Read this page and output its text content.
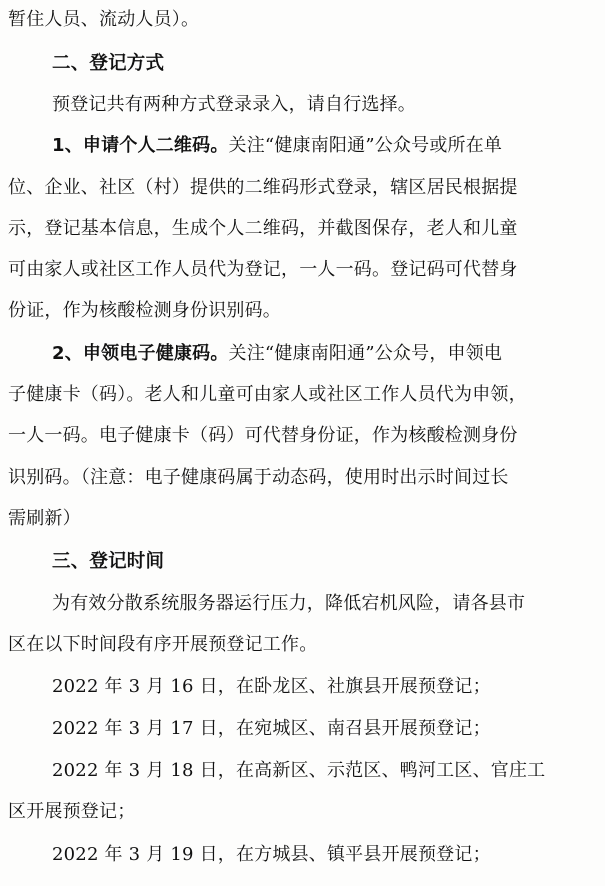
暂住人员、流动人员）。
二、登记方式
预登记共有两种方式登录录入，请自行选择。
1、申请个人二维码。关注“健康南阳通”公众号或所在单
位、企业、社区（村）提供的二维码形式登录，辖区居民根据提
示，登记基本信息，生成个人二维码，并截图保存，老人和儿童
可由家人或社区工作人员代为登记，一人一码。登记码可代替身
份证，作为核酸检测身份识别码。
2、申领电子健康码。关注“健康南阳通”公众号，申领电
子健康卡（码）。老人和儿童可由家人或社区工作人员代为申领，
一人一码。电子健康卡（码）可代替身份证，作为核酸检测身份
识别码。（注意：电子健康码属于动态码，使用时出示时间过长
需刷新）
三、登记时间
为有效分散系统服务器运行压力，降低宕机风险，请各县市
区在以下时间段有序开展预登记工作。
2022 年 3 月 16 日，在卧龙区、社旗县开展预登记；
2022 年 3 月 17 日，在宛城区、南召县开展预登记；
2022 年 3 月 18 日，在高新区、示范区、鸭河工区、官庄工
区开展预登记；
2022 年 3 月 19 日，在方城县、镇平县开展预登记；
